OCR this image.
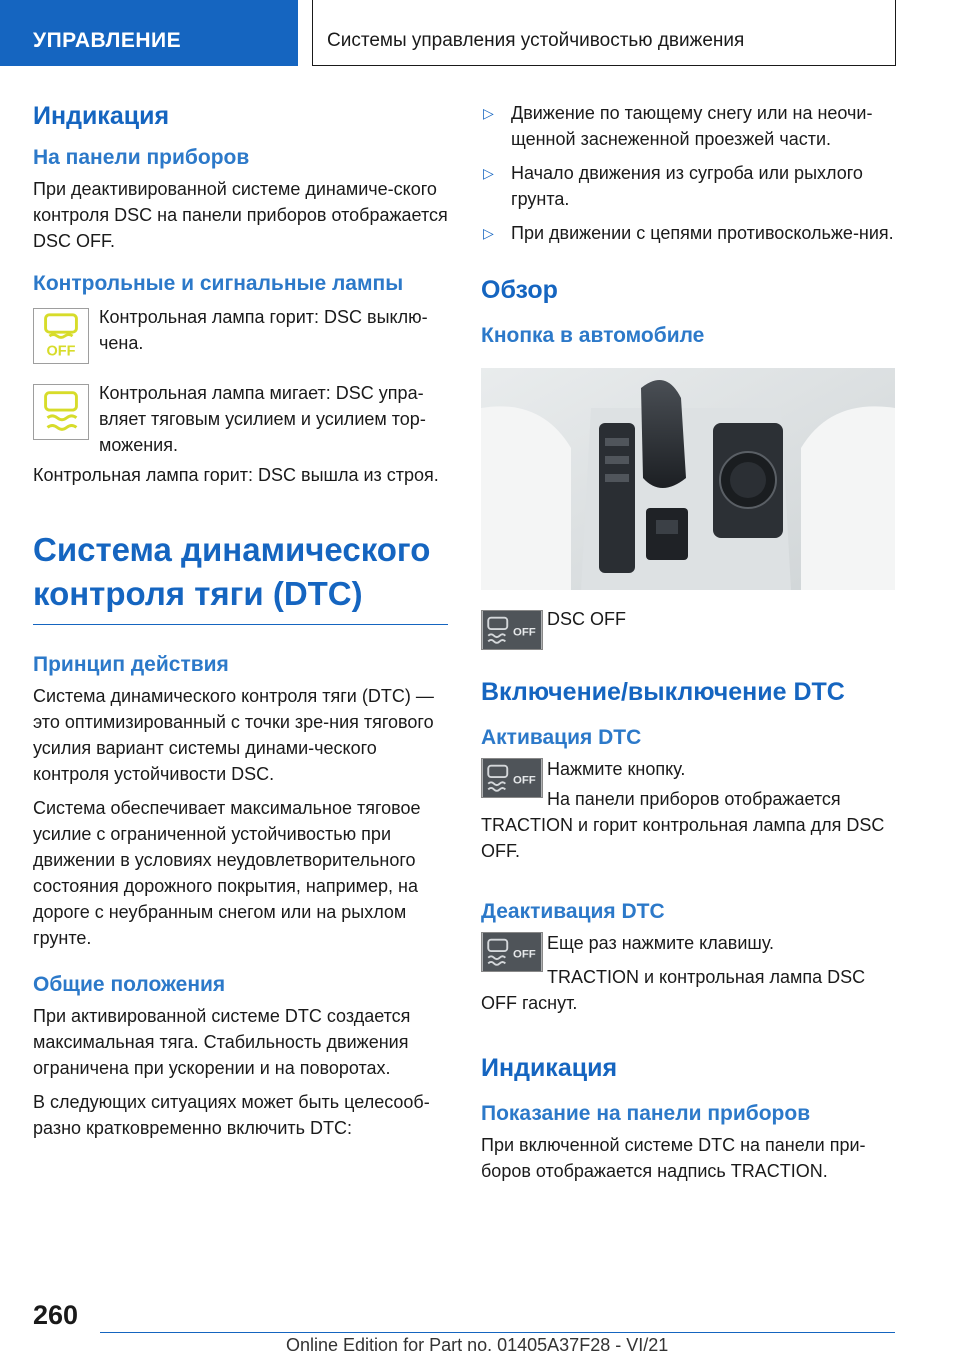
УПРАВЛЕНИЕ	Системы управления устойчивостью движения
Индикация
На панели приборов
При деактивированной системе динамиче-ского контроля DSC на панели приборов отображается DSC OFF.
Контрольные и сигнальные лампы
OFF
Контрольная лампа горит: DSC выклю-чена.
Контрольная лампа мигает: DSC упра-вляет тяговым усилием и усилием тор-можения.
Контрольная лампа горит: DSC вышла из строя.
Система динамического контроля тяги (DTC)
Принцип действия
Система динамического контроля тяги (DTC) — это оптимизированный с точки зре-ния тягового усилия вариант системы динами-ческого контроля устойчивости DSC.
Система обеспечивает максимальное тяговое усилие с ограниченной устойчивостью при движении в условиях неудовлетворительного состояния дорожного покрытия, например, на дороге с неубранным снегом или на рыхлом грунте.
Общие положения
При активированной системе DTC создается максимальная тяга. Стабильность движения ограничена при ускорении и на поворотах.
В следующих ситуациях может быть целесооб-разно кратковременно включить DTC:
▷ Движение по тающему снегу или на неочи-щенной заснеженной проезжей части.
▷ Начало движения из сугроба или рыхлого грунта.
▷ При движении с цепями противоскольже-ния.
Обзор
Кнопка в автомобиле
OFF
DSC OFF
Включение/выключение DTC
Активация DTC
OFF
Нажмите кнопку.
На панели приборов отображается TRACTION и горит контрольная лампа для DSC OFF.
Деактивация DTC
OFF
Еще раз нажмите клавишу.
TRACTION и контрольная лампа DSC OFF гаснут.
Индикация
Показание на панели приборов
При включенной системе DTC на панели при-боров отображается надпись TRACTION.
260
Online Edition for Part no. 01405A37F28 - VI/21
